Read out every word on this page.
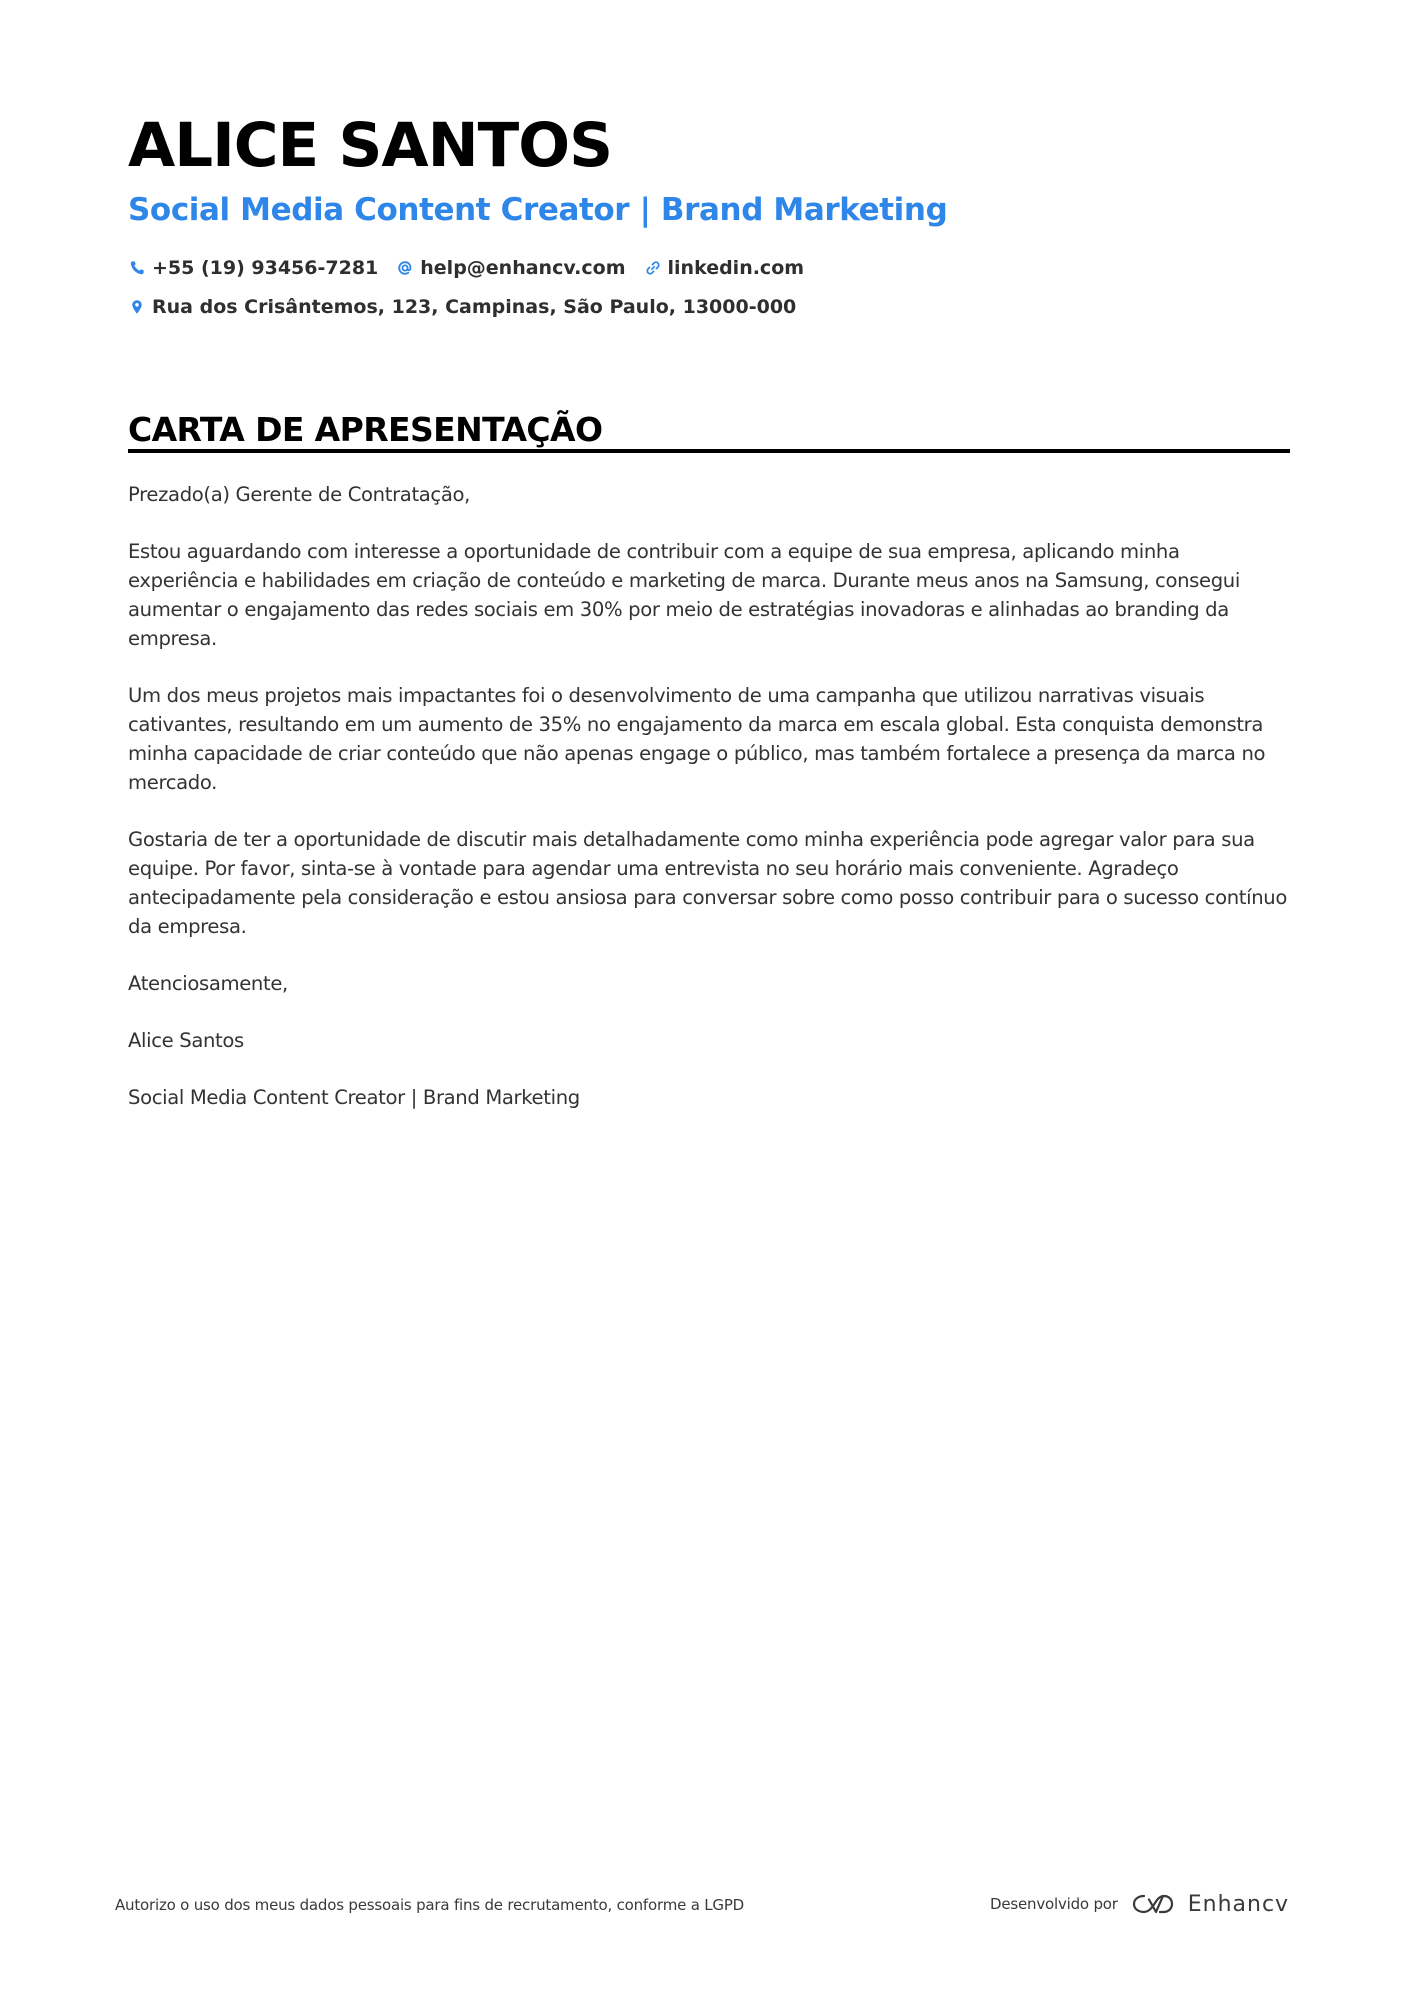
ALICE SANTOS
Social Media Content Creator | Brand Marketing
+55 (19) 93456-7281 help@enhancv.com linkedin.com
Rua dos Crisântemos, 123, Campinas, São Paulo, 13000-000
CARTA DE APRESENTAÇÃO

Prezado(a) Gerente de Contratação,

Estou aguardando com interesse a oportunidade de contribuir com a equipe de sua empresa, aplicando minha experiência e habilidades em criação de conteúdo e marketing de marca. Durante meus anos na Samsung, consegui aumentar o engajamento das redes sociais em 30% por meio de estratégias inovadoras e alinhadas ao branding da empresa.

Um dos meus projetos mais impactantes foi o desenvolvimento de uma campanha que utilizou narrativas visuais cativantes, resultando em um aumento de 35% no engajamento da marca em escala global. Esta conquista demonstra minha capacidade de criar conteúdo que não apenas engage o público, mas também fortalece a presença da marca no mercado.

Gostaria de ter a oportunidade de discutir mais detalhadamente como minha experiência pode agregar valor para sua equipe. Por favor, sinta-se à vontade para agendar uma entrevista no seu horário mais conveniente. Agradeço antecipadamente pela consideração e estou ansiosa para conversar sobre como posso contribuir para o sucesso contínuo da empresa.

Atenciosamente,

Alice Santos

Social Media Content Creator | Brand Marketing

Autorizo o uso dos meus dados pessoais para fins de recrutamento, conforme a LGPD	Desenvolvido por	Enhancv
